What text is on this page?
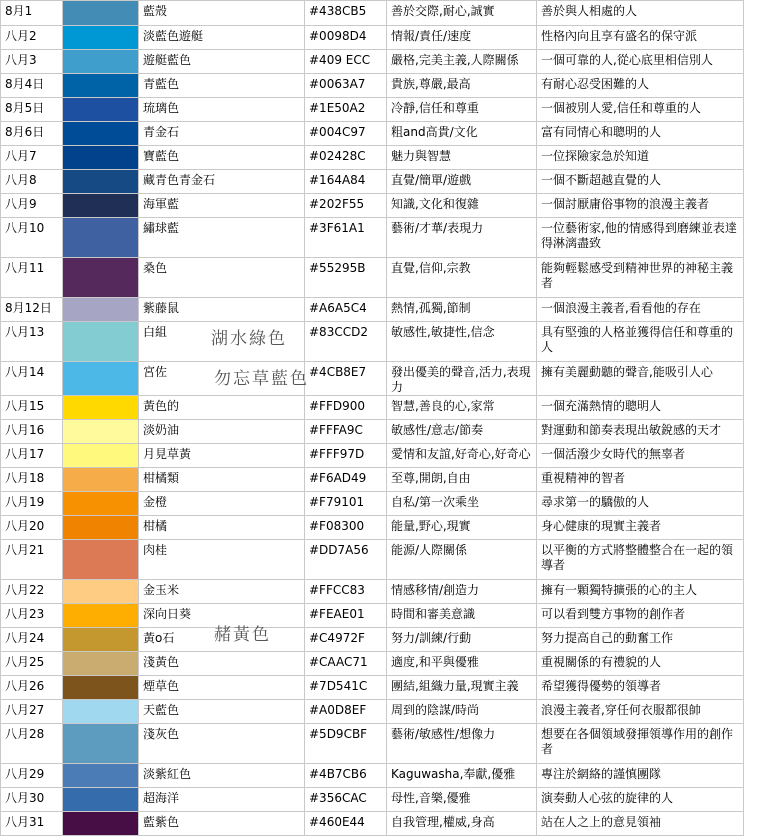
8月1		藍殼	#438CB5	善於交際,耐心,誠實	善於與人相處的人
八月2		淡藍色遊艇	#0098D4	情報/責任/速度	性格內向且享有盛名的保守派
八月3		遊艇藍色	#409 ECC	嚴格,完美主義,人際關係	一個可靠的人,從心底里相信別人
8月4日		青藍色	#0063A7	貴族,尊嚴,最高	有耐心忍受困難的人
8月5日		琉璃色	#1E50A2	冷靜,信任和尊重	一個被別人愛,信任和尊重的人
8月6日		青金石	#004C97	粗and高貴/文化	富有同情心和聰明的人
八月7		寶藍色	#02428C	魅力與智慧	一位探險家急於知道
八月8		藏青色青金石	#164A84	直覺/簡單/遊戲	一個不斷超越直覺的人
八月9		海軍藍	#202F55	知識,文化和復雜	一個討厭庸俗事物的浪漫主義者
八月10		繡球藍	#3F61A1	藝術/才華/表現力	一位藝術家,他的情感得到磨練並表達得淋漓盡致
八月11		桑色	#55295B	直覺,信仰,宗教	能夠輕鬆感受到精神世界的神秘主義者
8月12日		紫藤鼠	#A6A5C4	熱情,孤獨,節制	一個浪漫主義者,看看他的存在
八月13		白組	#83CCD2	敏感性,敏捷性,信念	具有堅強的人格並獲得信任和尊重的人
八月14		宮佐	#4CB8E7	發出優美的聲音,活力,表現力	擁有美麗動聽的聲音,能吸引人心
八月15		黃色的	#FFD900	智慧,善良的心,家常	一個充滿熱情的聰明人
八月16		淡奶油	#FFFA9C	敏感性/意志/節奏	對運動和節奏表現出敏銳感的天才
八月17		月見草黃	#FFF97D	愛情和友誼,好奇心,好奇心	一個活潑少女時代的無辜者
八月18		柑橘類	#F6AD49	至尊,開朗,自由	重視精神的智者
八月19		金橙	#F79101	自私/第一次乘坐	尋求第一的驕傲的人
八月20		柑橘	#F08300	能量,野心,現實	身心健康的現實主義者
八月21		肉桂	#DD7A56	能源/人際關係	以平衡的方式將整體整合在一起的領導者
八月22		金玉米	#FFCC83	情感移情/創造力	擁有一顆獨特擴張的心的主人
八月23		深向日葵	#FEAE01	時間和審美意識	可以看到雙方事物的創作者
八月24		黃o石	#C4972F	努力/訓練/行動	努力提高自己的動奮工作
八月25		淺黃色	#CAAC71	適度,和平與優雅	重視關係的有禮貌的人
八月26		煙草色	#7D541C	團結,組織力量,現實主義	希望獲得優勢的領導者
八月27		天藍色	#A0D8EF	周到的陰謀/時尚	浪漫主義者,穿任何衣服都很帥
八月28		淺灰色	#5D9CBF	藝術/敏感性/想像力	想要在各個領域發揮領導作用的創作者
八月29		淡紫紅色	#4B7CB6	Kaguwasha,奉獻,優雅	專注於網絡的謹慎團隊
八月30		超海洋	#356CAC	母性,音樂,優雅	演奏動人心弦的旋律的人
八月31		藍紫色	#460E44	自我管理,權威,身高	站在人之上的意見領袖
湖水綠色
勿忘草藍色
赭黃色
